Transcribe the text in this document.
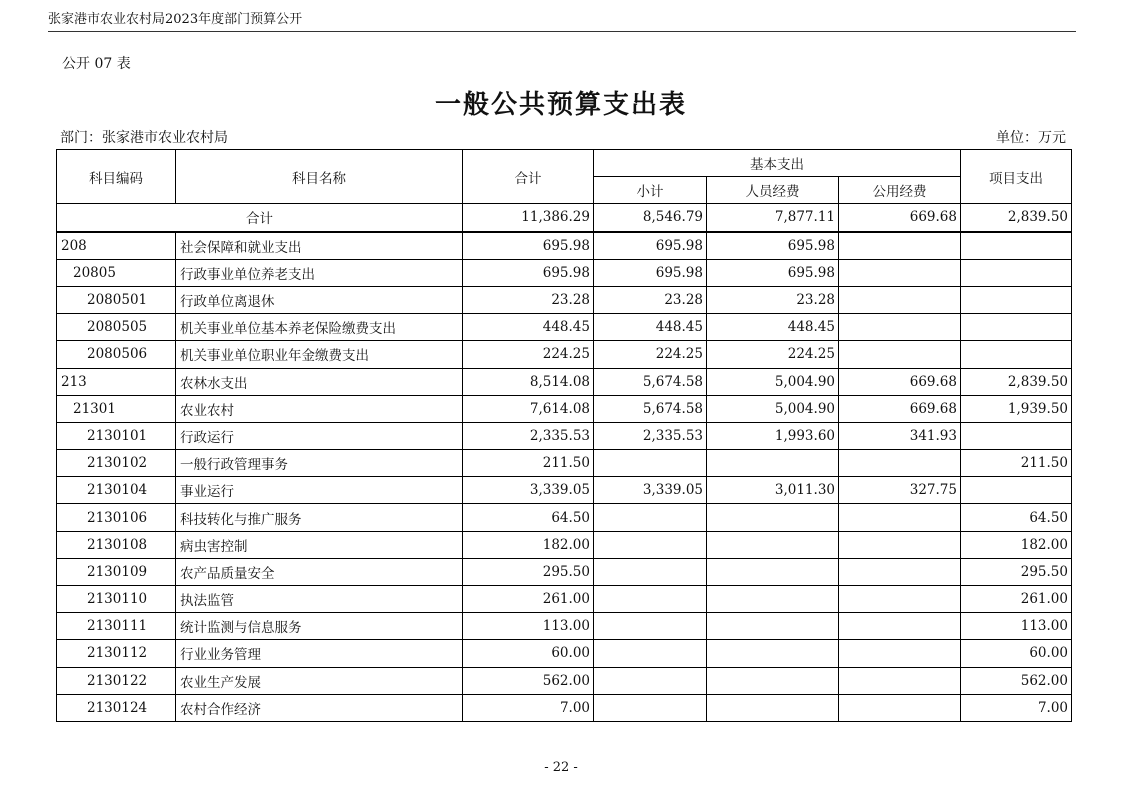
张家港市农业农村局2023年度部门预算公开
公开 07 表
一般公共预算支出表
部门：张家港市农业农村局	单位：万元
科目编码	科目名称	合计	基本支出			项目支出
			小计	人员经费	公用经费	
合计		11,386.29	8,546.79	7,877.11	669.68	2,839.50
208	社会保障和就业支出	695.98	695.98	695.98		
20805	行政事业单位养老支出	695.98	695.98	695.98		
2080501	行政单位离退休	23.28	23.28	23.28		
2080505	机关事业单位基本养老保险缴费支出	448.45	448.45	448.45		
2080506	机关事业单位职业年金缴费支出	224.25	224.25	224.25		
213	农林水支出	8,514.08	5,674.58	5,004.90	669.68	2,839.50
21301	农业农村	7,614.08	5,674.58	5,004.90	669.68	1,939.50
2130101	行政运行	2,335.53	2,335.53	1,993.60	341.93	
2130102	一般行政管理事务	211.50				211.50
2130104	事业运行	3,339.05	3,339.05	3,011.30	327.75	
2130106	科技转化与推广服务	64.50				64.50
2130108	病虫害控制	182.00				182.00
2130109	农产品质量安全	295.50				295.50
2130110	执法监管	261.00				261.00
2130111	统计监测与信息服务	113.00				113.00
2130112	行业业务管理	60.00				60.00
2130122	农业生产发展	562.00				562.00
2130124	农村合作经济	7.00				7.00
- 22 -
